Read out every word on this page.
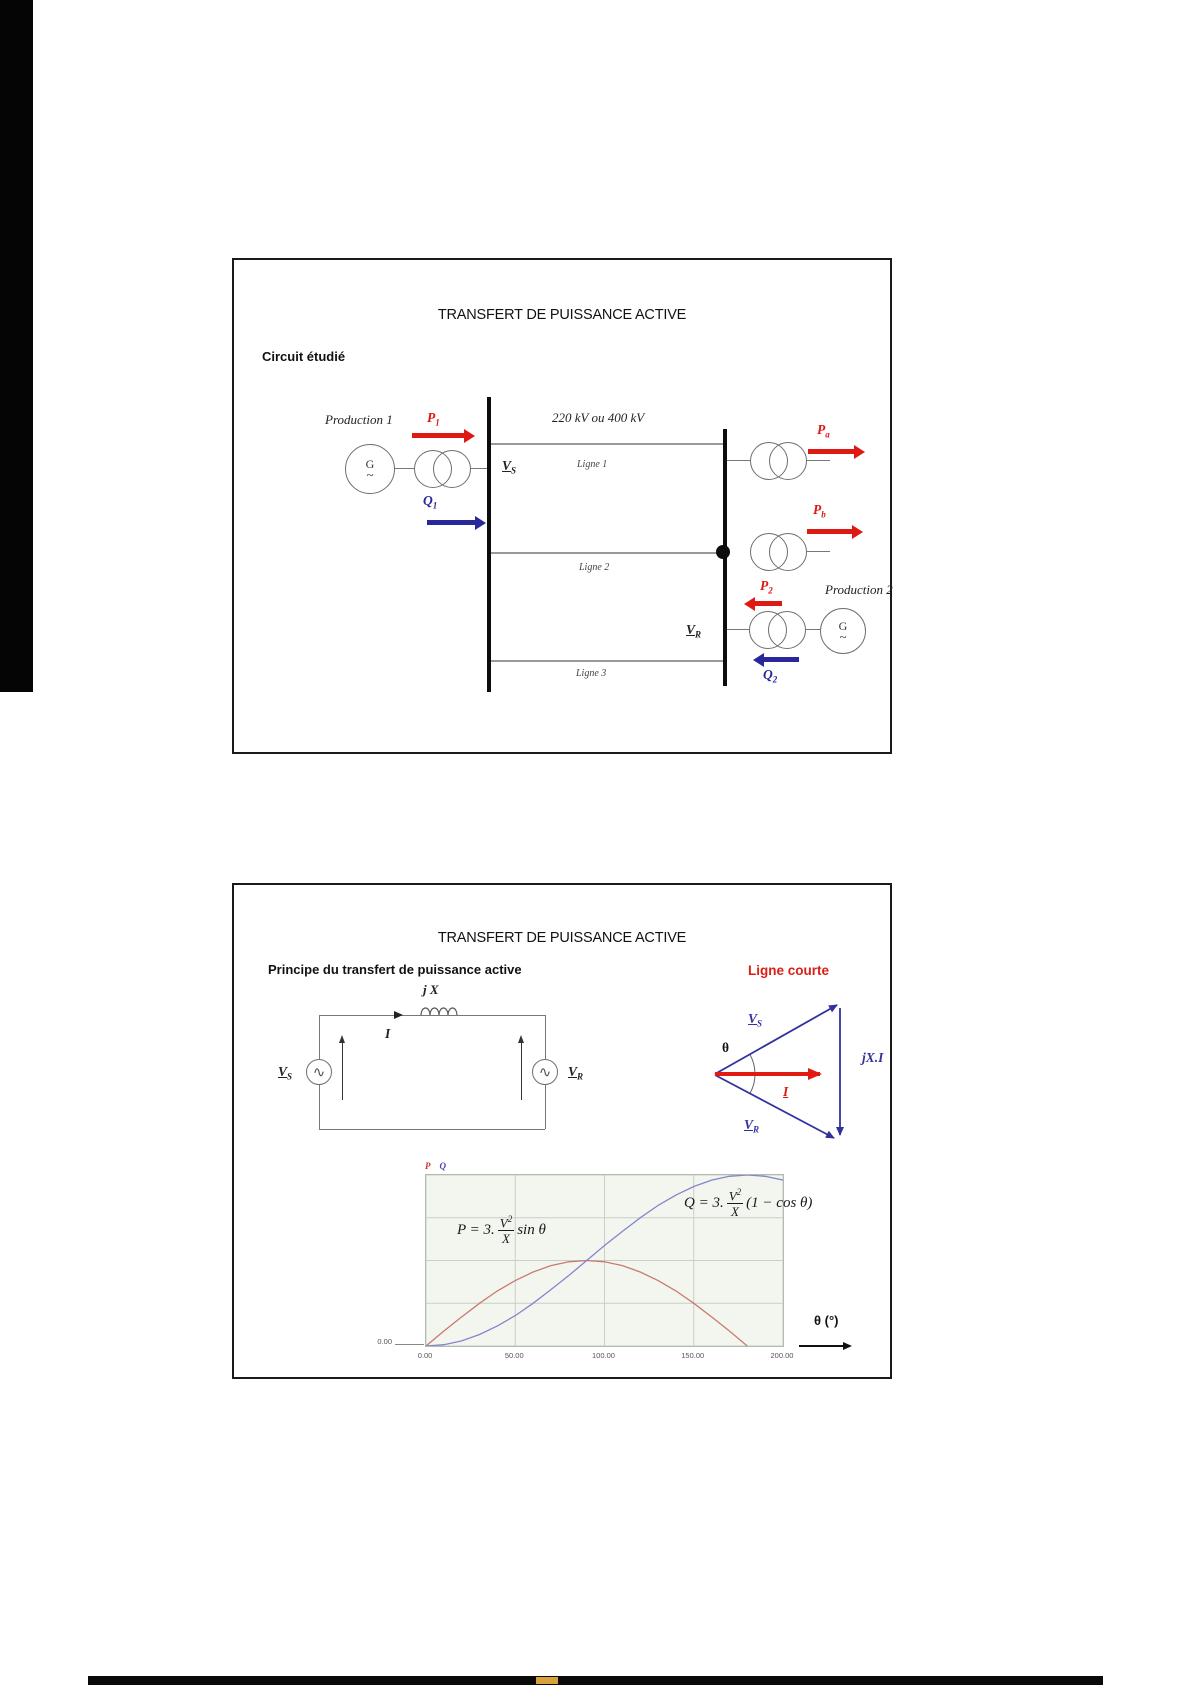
TRANSFERT DE PUISSANCE ACTIVE
Circuit étudié
Production 1
G
~
$P_1$
$Q_1$
$V_S$
220 kV ou 400 kV
Ligne 1
Ligne 2
Ligne 3
$P_a$
$P_b$
$P_2$	Production 2
$V_R$
G
~
$Q_2$
TRANSFERT DE PUISSANCE ACTIVE
Principe du transfert de puissance active	Ligne courte
j X
I
∿	∿
$V_S$	$V_R$
$V_S$
θ
jX.I
I
$V_R$
P Q
P = 3. $\frac{V^2}{X}$ sin θ
Q = 3. $\frac{V^2}{X} (1 - \cos \theta)$
0.00
0.00	50.00	100.00	150.00	200.00
θ (°)
